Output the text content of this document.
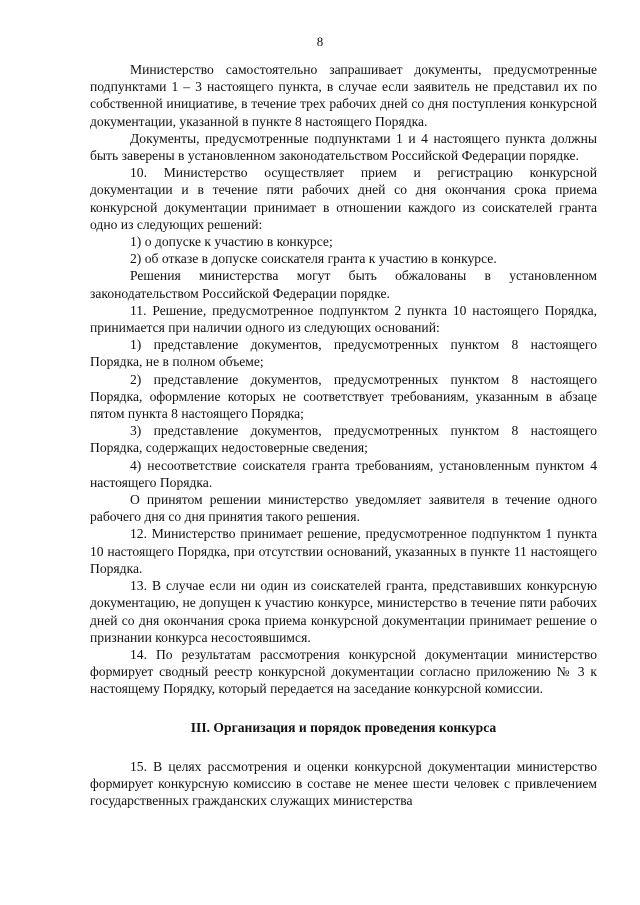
8

Министерство самостоятельно запрашивает документы, предусмотренные подпунктами 1 – 3 настоящего пункта, в случае если заявитель не представил их по собственной инициативе, в течение трех рабочих дней со дня поступления конкурсной документации, указанной в пункте 8 настоящего Порядка.

Документы, предусмотренные подпунктами 1 и 4 настоящего пункта должны быть заверены в установленном законодательством Российской Федерации порядке.

10. Министерство осуществляет прием и регистрацию конкурсной документации и в течение пяти рабочих дней со дня окончания срока приема конкурсной документации принимает в отношении каждого из соискателей гранта одно из следующих решений:

1) о допуске к участию в конкурсе;

2) об отказе в допуске соискателя гранта к участию в конкурсе.

Решения министерства могут быть обжалованы в установленном законодательством Российской Федерации порядке.

11. Решение, предусмотренное подпунктом 2 пункта 10 настоящего Порядка, принимается при наличии одного из следующих оснований:

1) представление документов, предусмотренных пунктом 8 настоящего Порядка, не в полном объеме;

2) представление документов, предусмотренных пунктом 8 настоящего Порядка, оформление которых не соответствует требованиям, указанным в абзаце пятом пункта 8 настоящего Порядка;

3) представление документов, предусмотренных пунктом 8 настоящего Порядка, содержащих недостоверные сведения;

4) несоответствие соискателя гранта требованиям, установленным пунктом 4 настоящего Порядка.

О принятом решении министерство уведомляет заявителя в течение одного рабочего дня со дня принятия такого решения.

12. Министерство принимает решение, предусмотренное подпунктом 1 пункта 10 настоящего Порядка, при отсутствии оснований, указанных в пункте 11 настоящего Порядка.

13. В случае если ни один из соискателей гранта, представивших конкурсную документацию, не допущен к участию конкурсе, министерство в течение пяти рабочих дней со дня окончания срока приема конкурсной документации принимает решение о признании конкурса несостоявшимся.

14. По результатам рассмотрения конкурсной документации министерство формирует сводный реестр конкурсной документации согласно приложению № 3 к настоящему Порядку, который передается на заседание конкурсной комиссии.

III. Организация и порядок проведения конкурса

15. В целях рассмотрения и оценки конкурсной документации министерство формирует конкурсную комиссию в составе не менее шести человек с привлечением государственных гражданских служащих министерства
